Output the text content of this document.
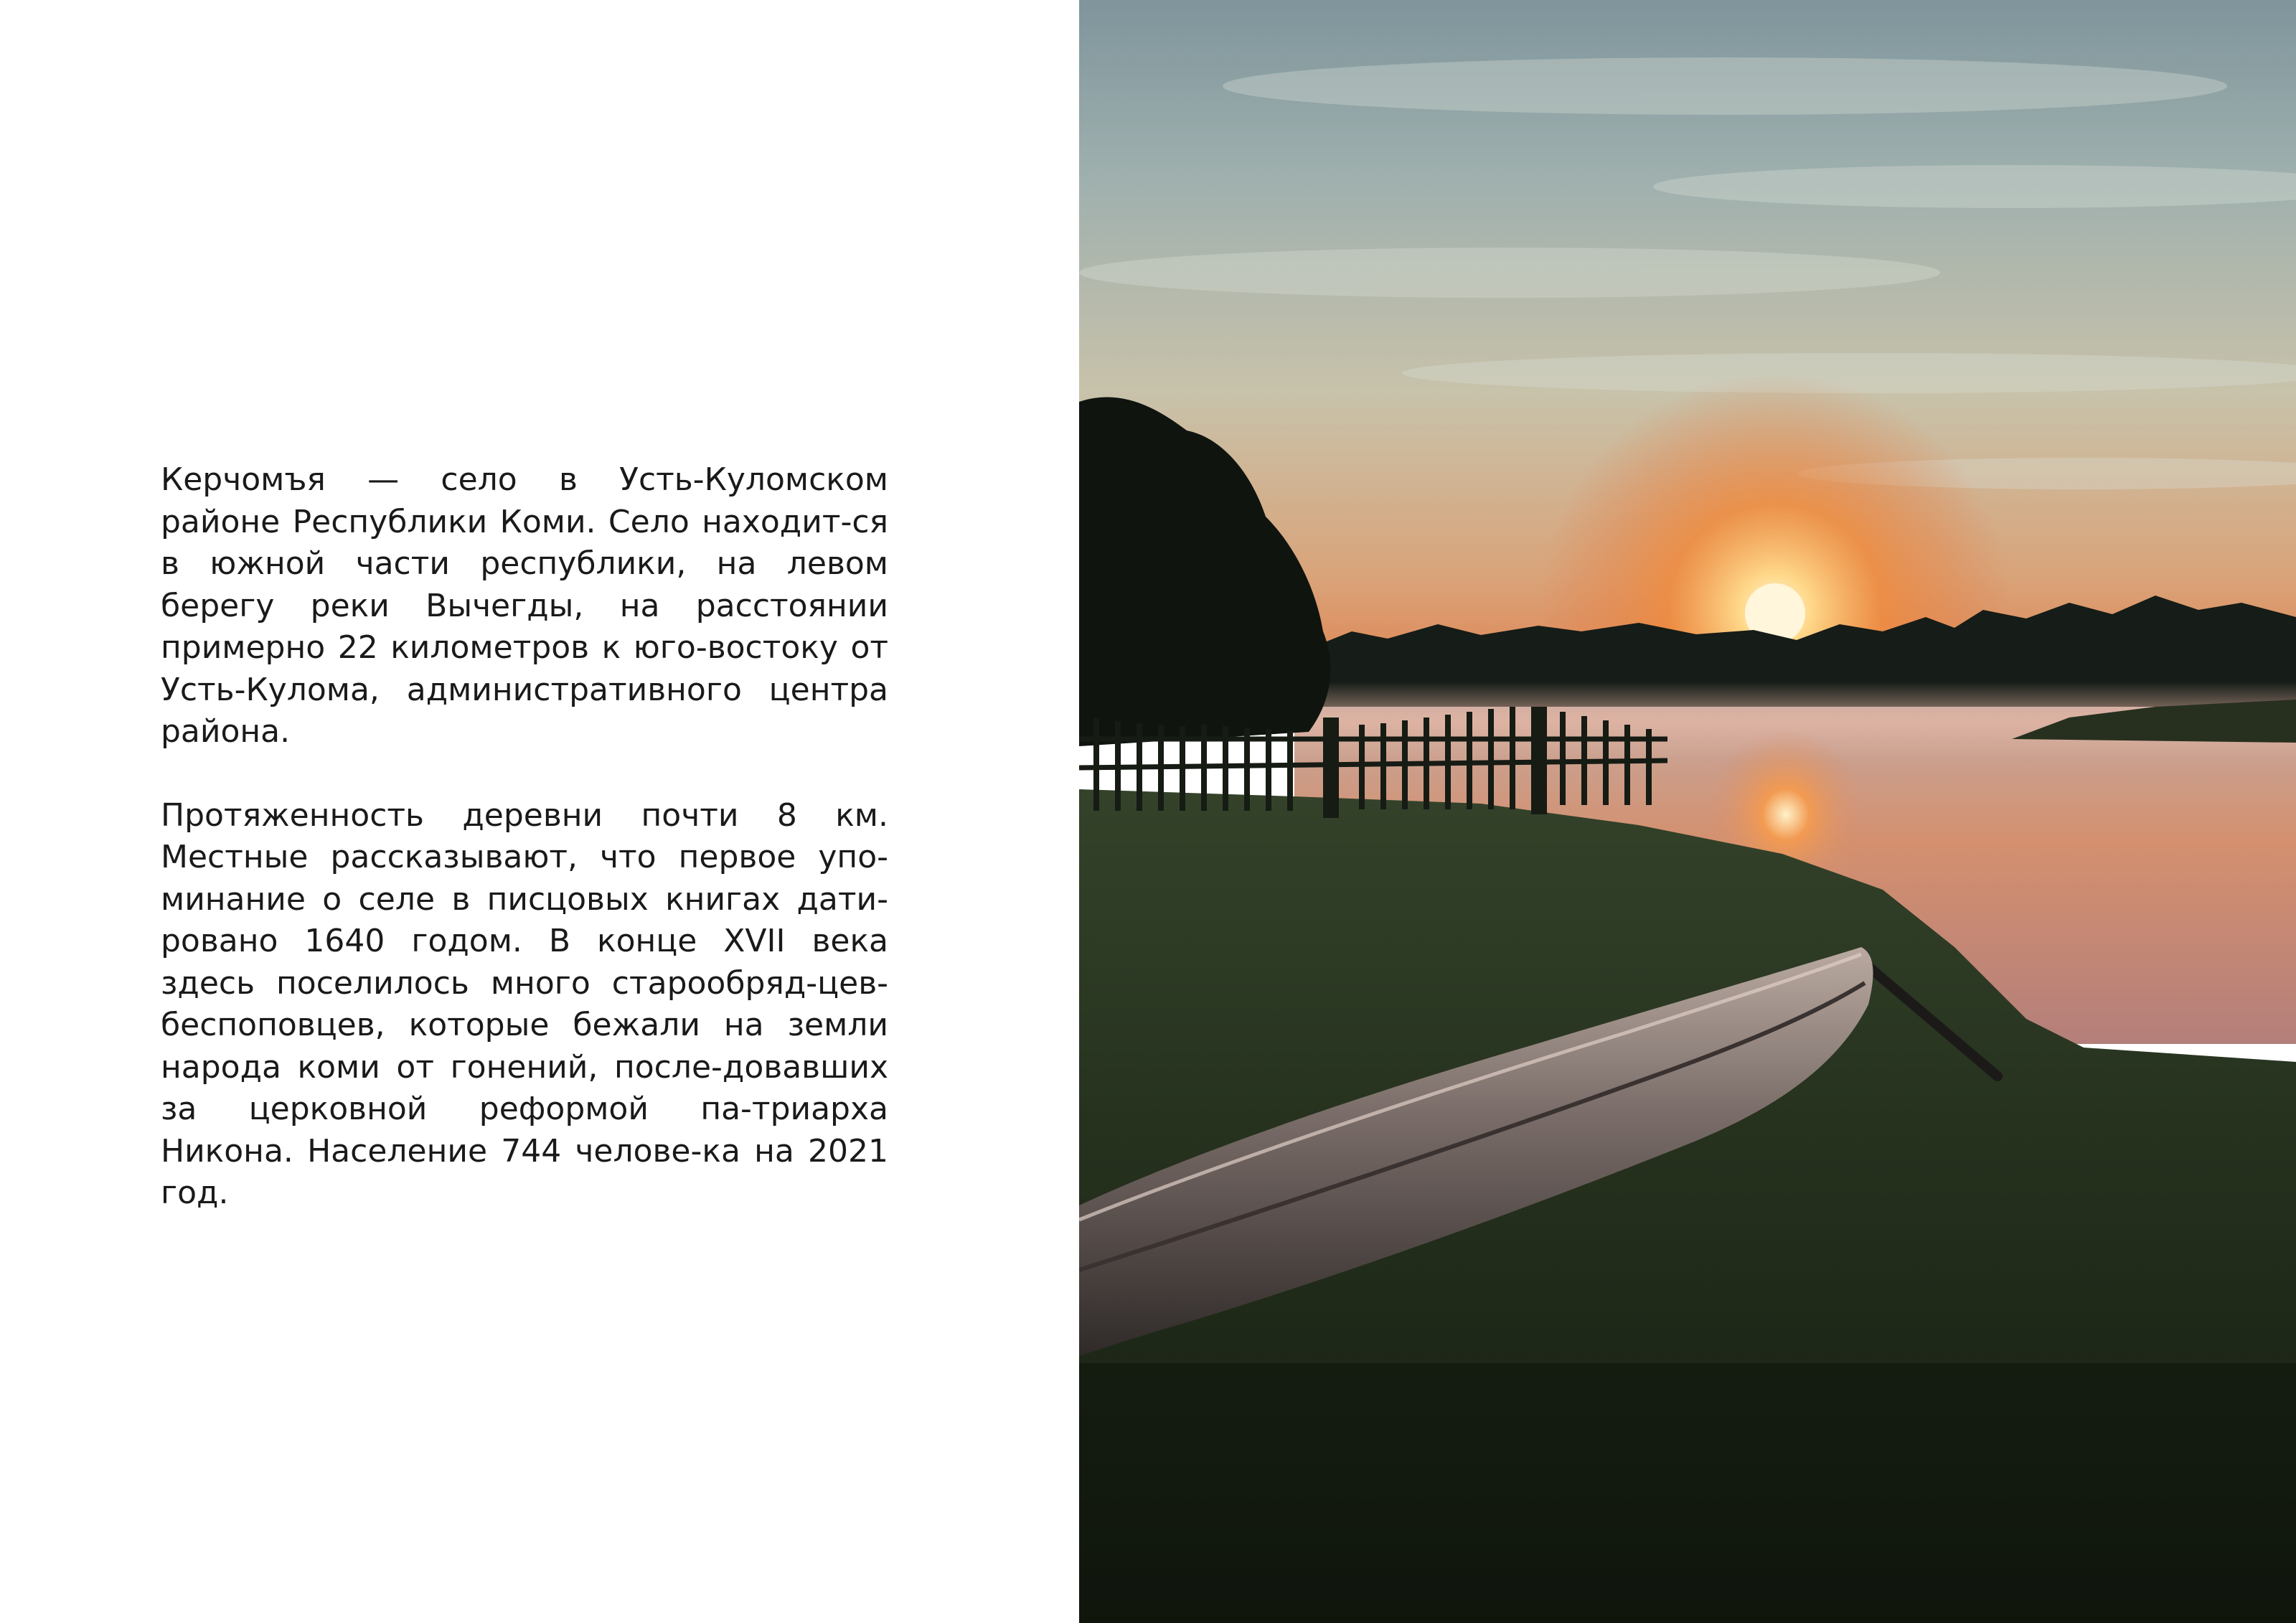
Керчомъя — село в Усть-Куломском районе Республики Коми. Село находит-ся в южной части республики, на левом берегу реки Вычегды, на расстоянии примерно 22 километров к юго-востоку от Усть-Кулома, административного центра района.

Протяженность деревни почти 8 км. Местные рассказывают, что первое упо-минание о селе в писцовых книгах дати-ровано 1640 годом. В конце XVII века здесь поселилось много старообряд-цев-беспоповцев, которые бежали на земли народа коми от гонений, после-довавших за церковной реформой па-триарха Никона. Население 744 челове-ка на 2021 год.
